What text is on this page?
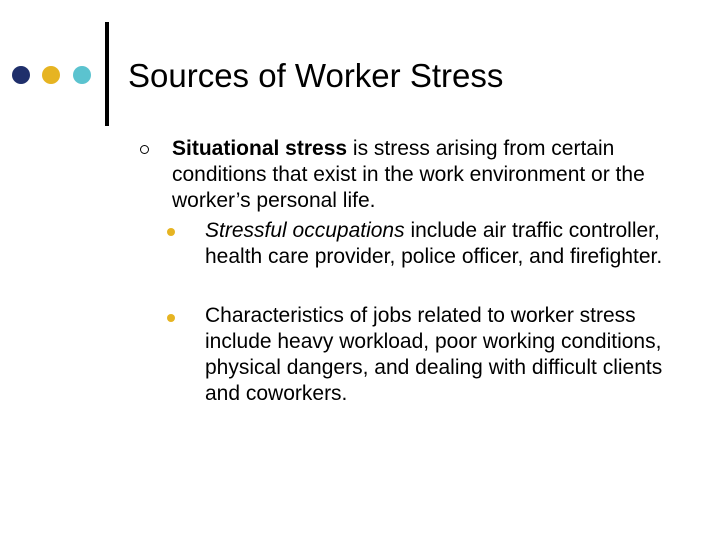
Sources of Worker Stress
Situational stress is stress arising from certain conditions that exist in the work environment or the worker’s personal life.
Stressful occupations include air traffic controller, health care provider, police officer, and firefighter.
Characteristics of jobs related to worker stress include heavy workload, poor working conditions, physical dangers, and dealing with difficult clients and coworkers.
